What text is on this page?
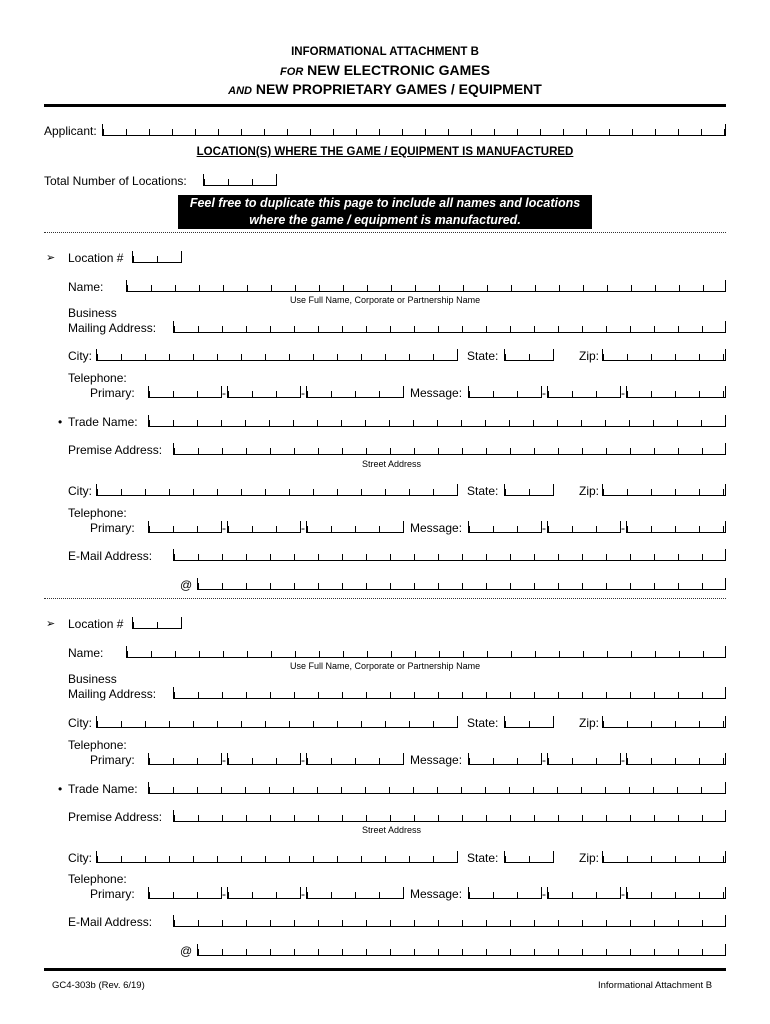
INFORMATIONAL ATTACHMENT B
FOR NEW ELECTRONIC GAMES
AND NEW PROPRIETARY GAMES / EQUIPMENT
Applicant:
LOCATION(S) WHERE THE GAME / EQUIPMENT IS MANUFACTURED
Total Number of Locations:
Feel free to duplicate this page to include all names and locations
where the game / equipment is manufactured.
➢ Location #
Name:
Use Full Name, Corporate or Partnership Name
Business
Mailing Address:
City:	State:	Zip:
Telephone:
Primary:	-	-	Message:	-	-
• Trade Name:
Premise Address:
Street Address
City:	State:	Zip:
Telephone:
Primary:	-	-	Message:	-	-
E-Mail Address:
@
➢ Location #
Name:
Use Full Name, Corporate or Partnership Name
Business
Mailing Address:
City:	State:	Zip:
Telephone:
Primary:	-	-	Message:	-	-
• Trade Name:
Premise Address:
Street Address
City:	State:	Zip:
Telephone:
Primary:	-	-	Message:	-	-
E-Mail Address:
@
GC4-303b (Rev. 6/19)	Informational Attachment B
